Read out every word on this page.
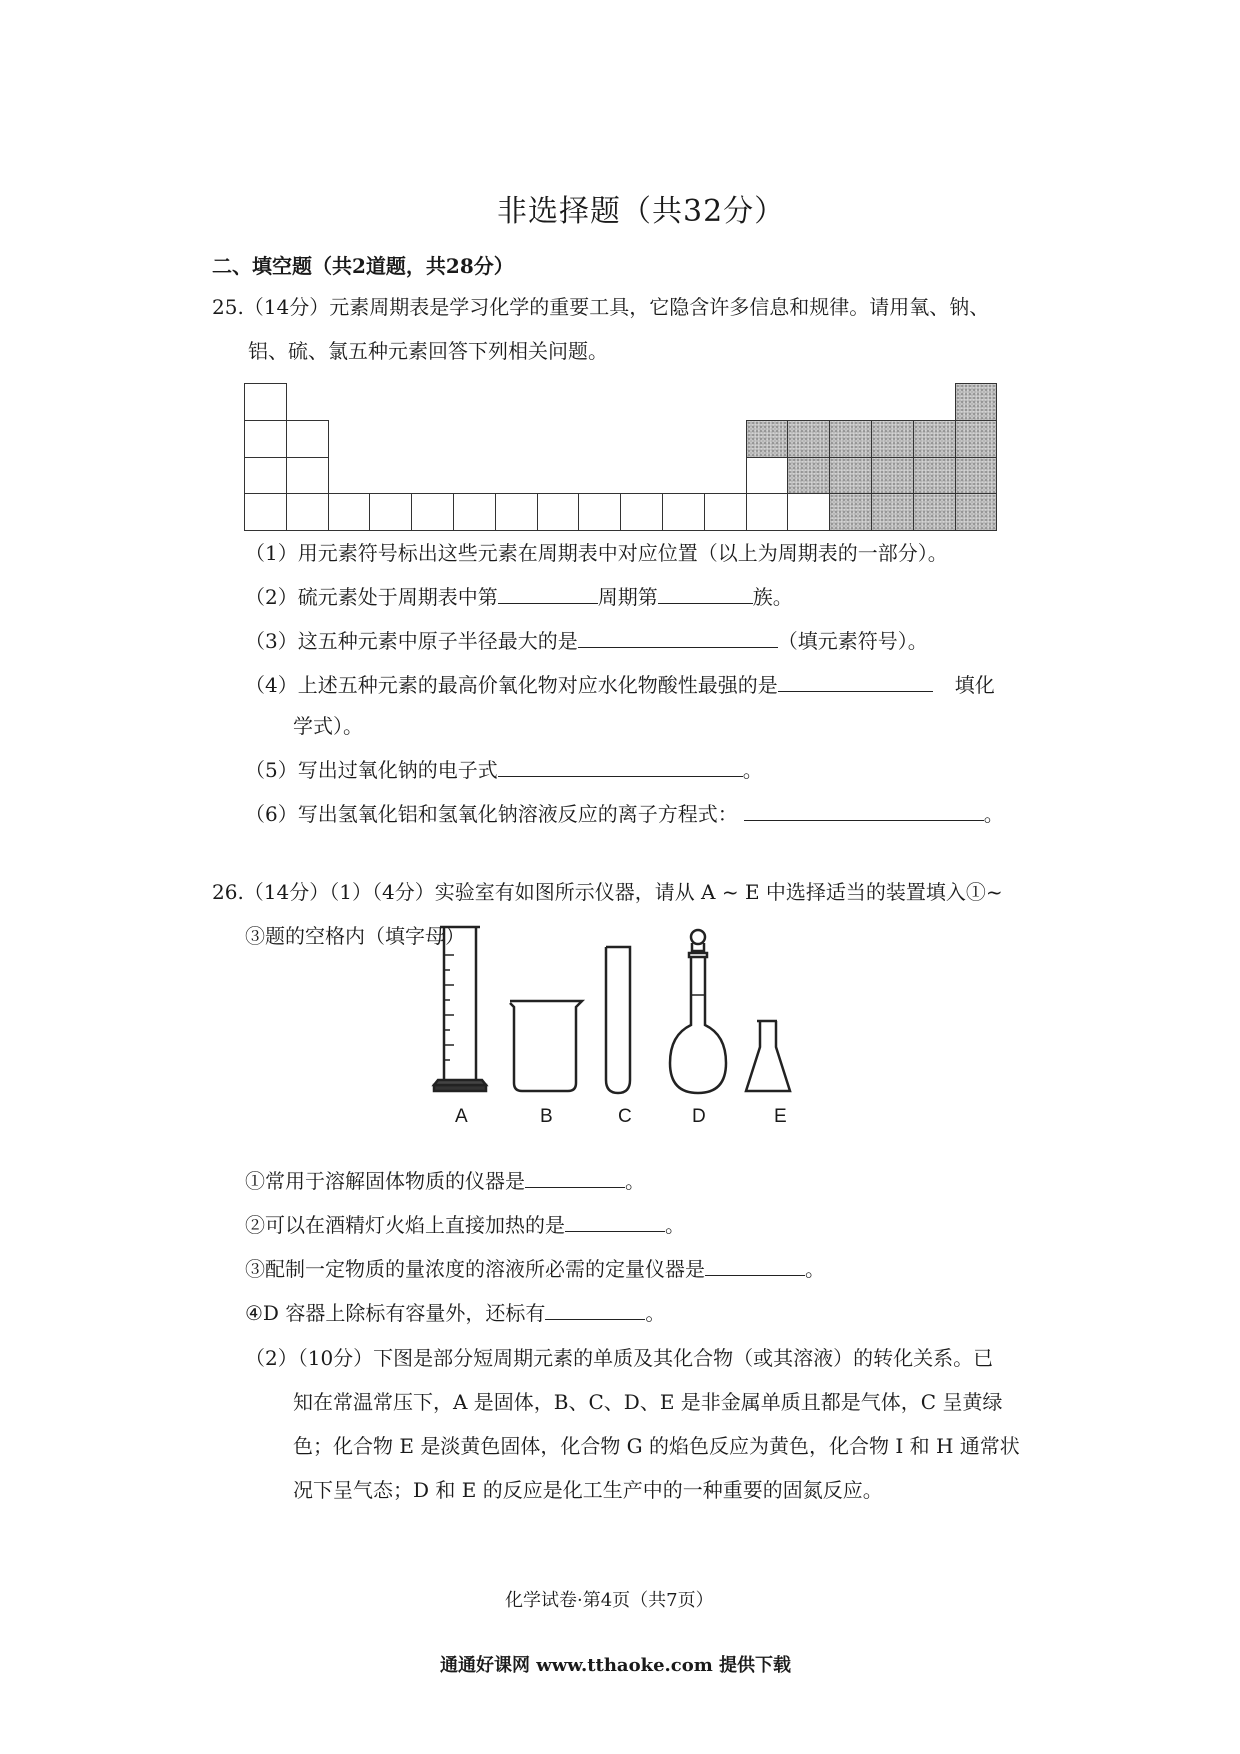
非选择题（共32分）
二、填空题（共2道题，共28分）
25.（14分）元素周期表是学习化学的重要工具，它隐含许多信息和规律。请用氧、钠、
铝、硫、氯五种元素回答下列相关问题。
（1）用元素符号标出这些元素在周期表中对应位置（以上为周期表的一部分）。
（2）硫元素处于周期表中第	周期第	族。
（3）这五种元素中原子半径最大的是	（填元素符号）。
（4）上述五种元素的最高价氧化物对应水化物酸性最强的是	填化
学式）。
（5）写出过氧化钠的电子式	。
（6）写出氢氧化铝和氢氧化钠溶液反应的离子方程式：	。
26.（14分）（1）（4分）实验室有如图所示仪器，请从 A ~ E 中选择适当的装置填入①~
③题的空格内（填字母）
A	B	C	D	E
①常用于溶解固体物质的仪器是	。
②可以在酒精灯火焰上直接加热的是	。
③配制一定物质的量浓度的溶液所必需的定量仪器是	。
④D 容器上除标有容量外，还标有	。
（2）（10分）下图是部分短周期元素的单质及其化合物（或其溶液）的转化关系。已
知在常温常压下，A 是固体，B、C、D、E 是非金属单质且都是气体，C 呈黄绿
色；化合物 E 是淡黄色固体，化合物 G 的焰色反应为黄色，化合物 I 和 H 通常状
况下呈气态；D 和 E 的反应是化工生产中的一种重要的固氮反应。
化学试卷·第4页（共7页）
通通好课网 www.tthaoke.com 提供下载
